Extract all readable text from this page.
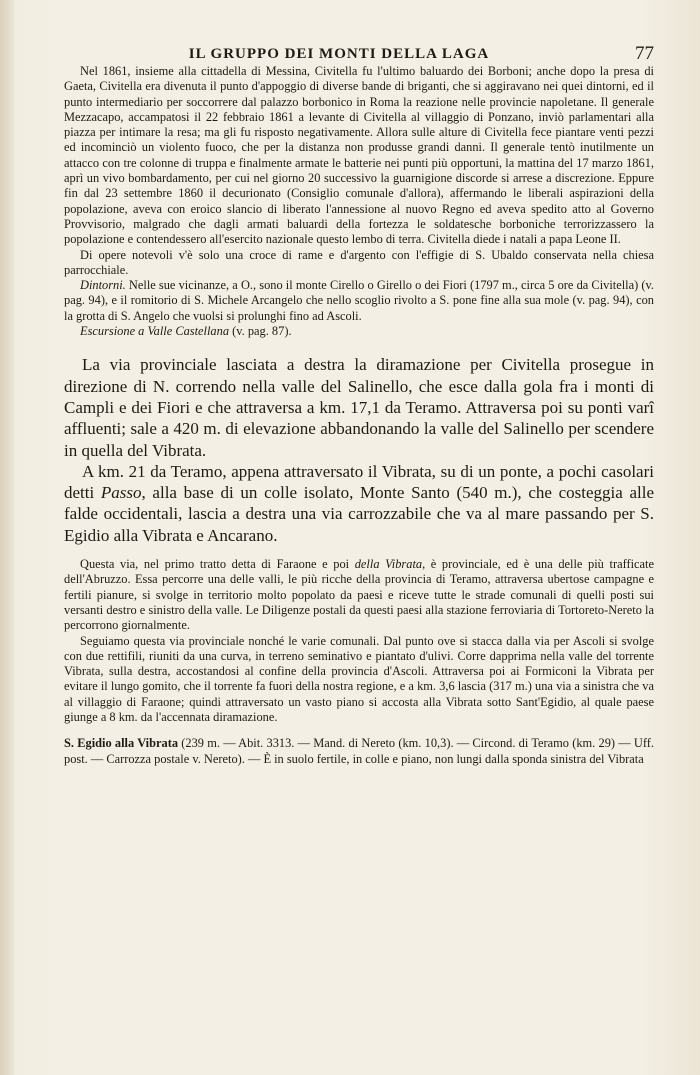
IL GRUPPO DEI MONTI DELLA LAGA	77

Nel 1861, insieme alla cittadella di Messina, Civitella fu l'ultimo baluardo dei Borboni; anche dopo la presa di Gaeta, Civitella era divenuta il punto d'appoggio di diverse bande di briganti, che si aggiravano nei quei dintorni, ed il punto intermediario per soccorrere dal palazzo borbonico in Roma la reazione nelle provincie napoletane. Il generale Mezzacapo, accampatosi il 22 febbraio 1861 a levante di Civitella al villaggio di Ponzano, inviò parlamentari alla piazza per intimare la resa; ma gli fu risposto negativamente. Allora sulle alture di Civitella fece piantare venti pezzi ed incominciò un violento fuoco, che per la distanza non produsse grandi danni. Il generale tentò inutilmente un attacco con tre colonne di truppa e finalmente armate le batterie nei punti più opportuni, la mattina del 17 marzo 1861, aprì un vivo bombardamento, per cui nel giorno 20 successivo la guarnigione discorde si arrese a discrezione. Eppure fin dal 23 settembre 1860 il decurionato (Consiglio comunale d'allora), affermando le liberali aspirazioni della popolazione, aveva con eroico slancio di liberato l'annessione al nuovo Regno ed aveva spedito atto al Governo Provvisorio, malgrado che dagli armati baluardi della fortezza le soldatesche borboniche terrorizzassero la popolazione e contendessero all'esercito nazionale questo lembo di terra. Civitella diede i natali a papa Leone II.

Di opere notevoli v'è solo una croce di rame e d'argento con l'effigie di S. Ubaldo conservata nella chiesa parrocchiale.

Dintorni. Nelle sue vicinanze, a O., sono il monte Cirello o Girello o dei Fiori (1797 m., circa 5 ore da Civitella) (v. pag. 94), e il romitorio di S. Michele Arcangelo che nello scoglio rivolto a S. pone fine alla sua mole (v. pag. 94), con la grotta di S. Angelo che vuolsi si prolunghi fino ad Ascoli.

Escursione a Valle Castellana (v. pag. 87).

La via provinciale lasciata a destra la diramazione per Civitella prosegue in direzione di N. correndo nella valle del Salinello, che esce dalla gola fra i monti di Campli e dei Fiori e che attraversa a km. 17,1 da Teramo. Attraversa poi su ponti varî affluenti; sale a 420 m. di elevazione abbandonando la valle del Salinello per scendere in quella del Vibrata.

A km. 21 da Teramo, appena attraversato il Vibrata, su di un ponte, a pochi casolari detti Passo, alla base di un colle isolato, Monte Santo (540 m.), che costeggia alle falde occidentali, lascia a destra una via carrozzabile che va al mare passando per S. Egidio alla Vibrata e Ancarano.

Questa via, nel primo tratto detta di Faraone e poi della Vibrata, è provinciale, ed è una delle più trafficate dell'Abruzzo. Essa percorre una delle valli, le più ricche della provincia di Teramo, attraversa ubertose campagne e fertili pianure, si svolge in territorio molto popolato da paesi e riceve tutte le strade comunali di quelli posti sui versanti destro e sinistro della valle. Le Diligenze postali da questi paesi alla stazione ferroviaria di Tortoreto-Nereto la percorrono giornalmente.

Seguiamo questa via provinciale nonché le varie comunali. Dal punto ove si stacca dalla via per Ascoli si svolge con due rettifili, riuniti da una curva, in terreno seminativo e piantato d'ulivi. Corre dapprima nella valle del torrente Vibrata, sulla destra, accostandosi al confine della provincia d'Ascoli. Attraversa poi ai Formiconi la Vibrata per evitare il lungo gomito, che il torrente fa fuori della nostra regione, e a km. 3,6 lascia (317 m.) una via a sinistra che va al villaggio di Faraone; quindi attraversato un vasto piano si accosta alla Vibrata sotto Sant'Egidio, al quale paese giunge a 8 km. da l'accennata diramazione.

S. Egidio alla Vibrata (239 m. — Abit. 3313. — Mand. di Nereto (km. 10,3). — Circond. di Teramo (km. 29) — Uff. post. — Carrozza postale v. Nereto). — È in suolo fertile, in colle e piano, non lungi dalla sponda sinistra del Vibrata
